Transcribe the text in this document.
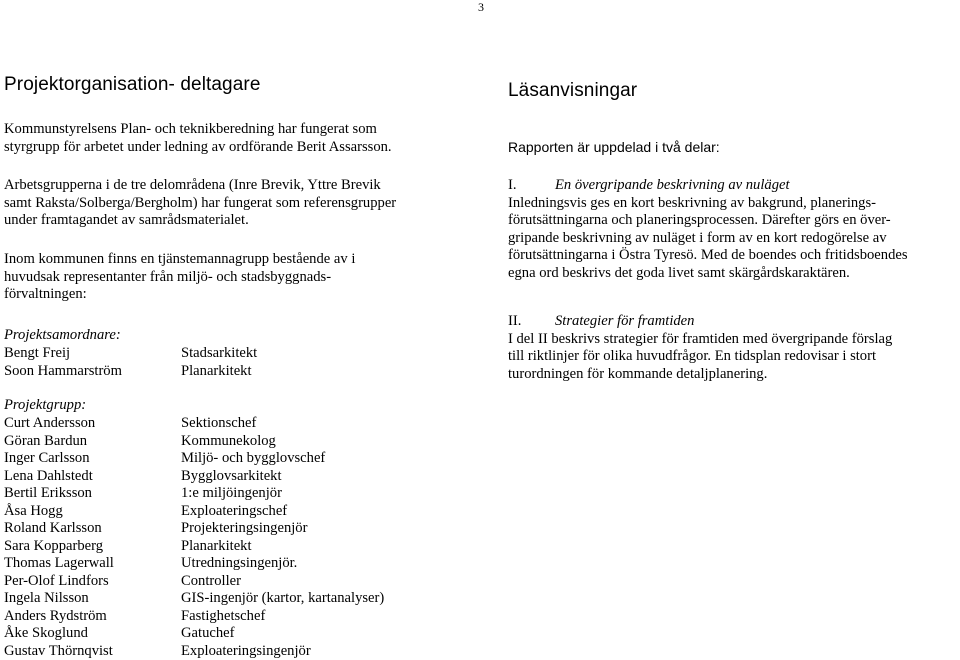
3
Projektorganisation- deltagare
Kommunstyrelsens Plan- och teknikberedning har fungerat som
styrgrupp för arbetet under ledning av ordförande Berit Assarsson.
Arbetsgrupperna i de tre delområdena (Inre Brevik, Yttre Brevik
samt Raksta/Solberga/Bergholm) har fungerat som referensgrupper
under framtagandet av samrådsmaterialet.
Inom kommunen finns en tjänstemannagrupp bestående av i
huvudsak representanter från miljö- och stadsbyggnads-
förvaltningen:
Projektsamordnare:
Bengt Freij
Soon Hammarström
Stadsarkitekt
Planarkitekt
Projektgrupp:
Curt Andersson
Göran Bardun
Inger Carlsson
Lena Dahlstedt
Bertil Eriksson
Åsa Hogg
Roland Karlsson
Sara Kopparberg
Thomas Lagerwall
Per-Olof Lindfors
Ingela Nilsson
Anders Rydström
Åke Skoglund
Gustav Thörnqvist
Sektionschef
Kommunekolog
Miljö- och bygglovschef
Bygglovsarkitekt
1:e miljöingenjör
Exploateringschef
Projekteringsingenjör
Planarkitekt
Utredningsingenjör.
Controller
GIS-ingenjör (kartor, kartanalyser)
Fastighetschef
Gatuchef
Exploateringsingenjör
Läsanvisningar
Rapporten är uppdelad i två delar:
I.	En övergripande beskrivning av nuläget
Inledningsvis ges en kort beskrivning av bakgrund, planerings-
förutsättningarna och planeringsprocessen. Därefter görs en över-
gripande beskrivning av nuläget i form av en kort redogörelse av
förutsättningarna i Östra Tyresö. Med de boendes och fritidsboendes
egna ord beskrivs det goda livet samt skärgårdskaraktären.
II. Strategier för framtiden
I del II beskrivs strategier för framtiden med övergripande förslag
till riktlinjer för olika huvudfrågor. En tidsplan redovisar i stort
turordningen för kommande detaljplanering.
